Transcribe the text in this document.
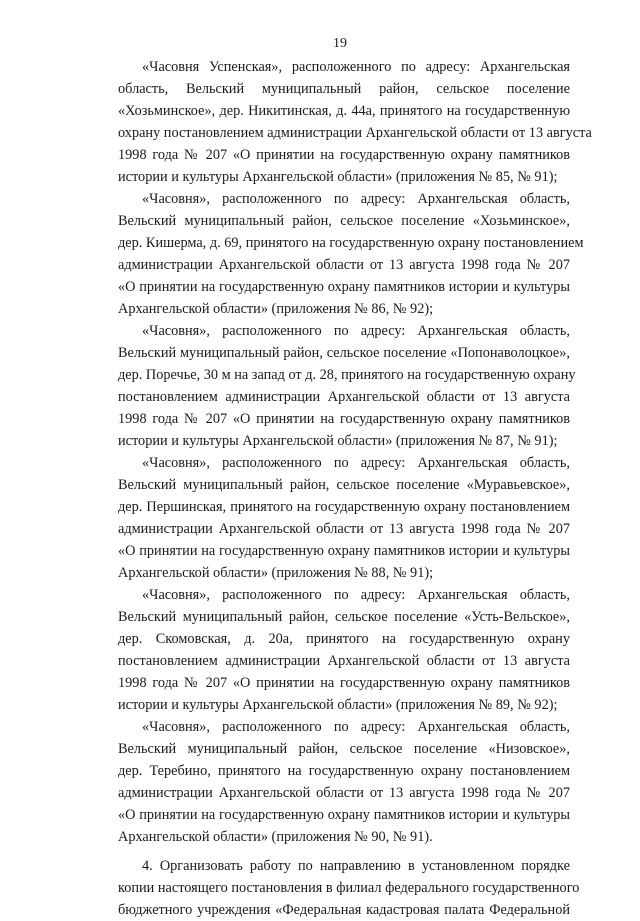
19

«Часовня Успенская», расположенного по адресу: Архангельская
область, Вельский муниципальный район, сельское поселение
«Хозьминское», дер. Никитинская, д. 44а, принятого на государственную
охрану постановлением администрации Архангельской области от 13 августа
1998 года № 207 «О принятии на государственную охрану памятников
истории и культуры Архангельской области» (приложения № 85, № 91);

«Часовня», расположенного по адресу: Архангельская область,
Вельский муниципальный район, сельское поселение «Хозьминское»,
дер. Кишерма, д. 69, принятого на государственную охрану постановлением
администрации Архангельской области от 13 августа 1998 года № 207
«О принятии на государственную охрану памятников истории и культуры
Архангельской области» (приложения № 86, № 92);

«Часовня», расположенного по адресу: Архангельская область,
Вельский муниципальный район, сельское поселение «Попонаволоцкое»,
дер. Поречье, 30 м на запад от д. 28, принятого на государственную охрану
постановлением администрации Архангельской области от 13 августа
1998 года № 207 «О принятии на государственную охрану памятников
истории и культуры Архангельской области» (приложения № 87, № 91);

«Часовня», расположенного по адресу: Архангельская область,
Вельский муниципальный район, сельское поселение «Муравьевское»,
дер. Першинская, принятого на государственную охрану постановлением
администрации Архангельской области от 13 августа 1998 года № 207
«О принятии на государственную охрану памятников истории и культуры
Архангельской области» (приложения № 88, № 91);

«Часовня», расположенного по адресу: Архангельская область,
Вельский муниципальный район, сельское поселение «Усть-Вельское»,
дер. Скомовская, д. 20а, принятого на государственную охрану
постановлением администрации Архангельской области от 13 августа
1998 года № 207 «О принятии на государственную охрану памятников
истории и культуры Архангельской области» (приложения № 89, № 92);

«Часовня», расположенного по адресу: Архангельская область,
Вельский муниципальный район, сельское поселение «Низовское»,
дер. Теребино, принятого на государственную охрану постановлением
администрации Архангельской области от 13 августа 1998 года № 207
«О принятии на государственную охрану памятников истории и культуры
Архангельской области» (приложения № 90, № 91).

4. Организовать работу по направлению в установленном порядке
копии настоящего постановления в филиал федерального государственного
бюджетного учреждения «Федеральная кадастровая палата Федеральной
